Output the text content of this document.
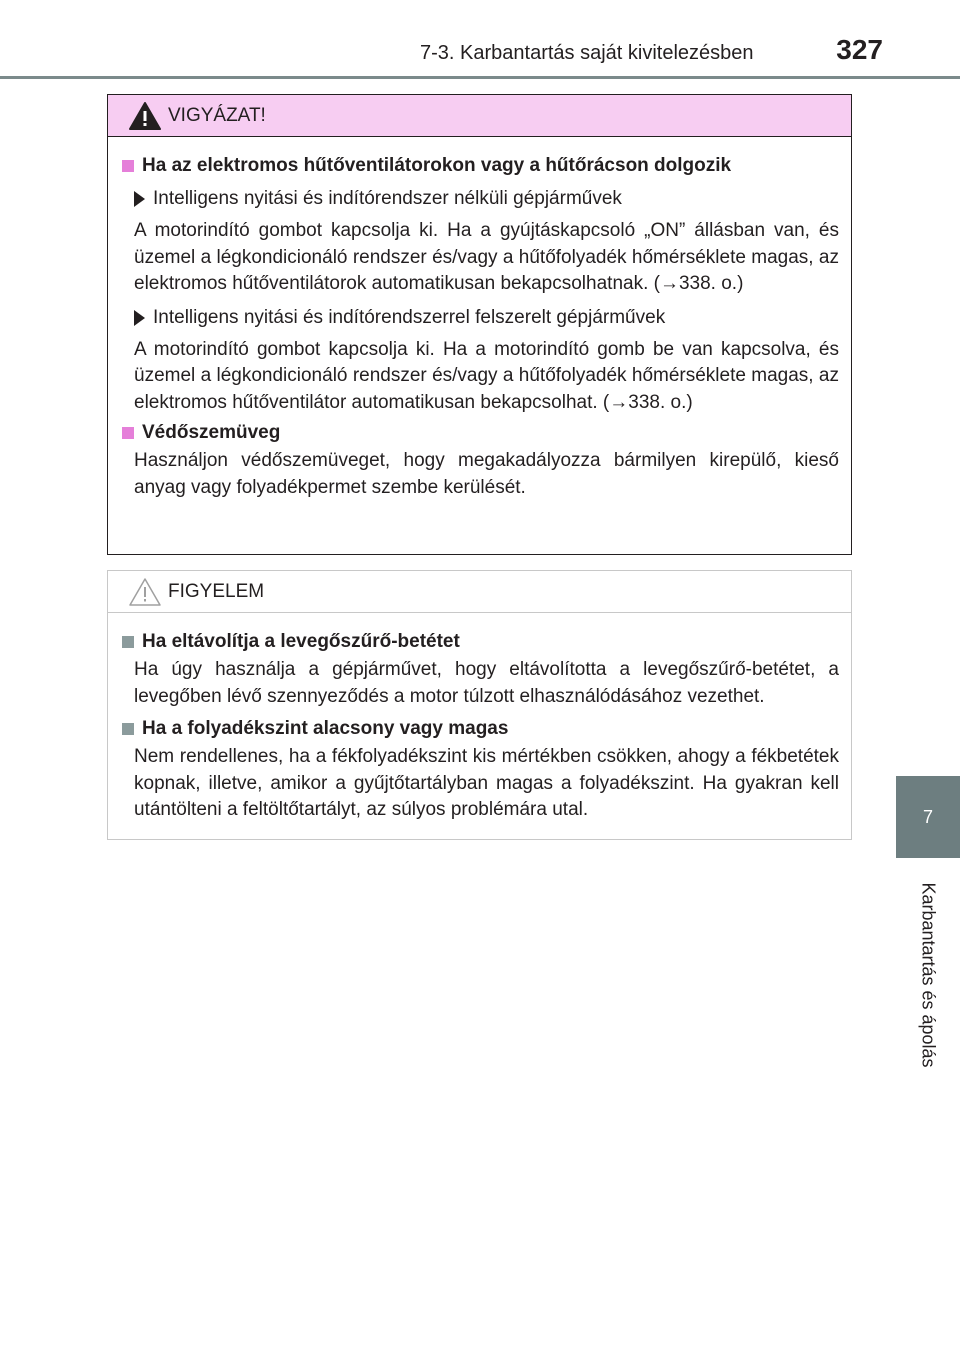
7-3. Karbantartás saját kivitelezésben	327
7
Karbantartás és ápolás
VIGYÁZAT!
Ha az elektromos hűtőventilátorokon vagy a hűtőrácson dolgozik
Intelligens nyitási és indítórendszer nélküli gépjárművek
A motorindító gombot kapcsolja ki. Ha a gyújtáskapcsoló „ON” állásban van, és üzemel a légkondicionáló rendszer és/vagy a hűtőfolyadék hőmérséklete magas, az elektromos hűtőventilátorok automatikusan bekapcsolhatnak. (→338. o.)
Intelligens nyitási és indítórendszerrel felszerelt gépjárművek
A motorindító gombot kapcsolja ki. Ha a motorindító gomb be van kapcsolva, és üzemel a légkondicionáló rendszer és/vagy a hűtőfolyadék hőmérséklete magas, az elektromos hűtőventilátor automatikusan bekapcsolhat. (→338. o.)
Védőszemüveg
Használjon védőszemüveget, hogy megakadályozza bármilyen kirepülő, kieső anyag vagy folyadékpermet szembe kerülését.
FIGYELEM
Ha eltávolítja a levegőszűrő-betétet
Ha úgy használja a gépjárművet, hogy eltávolította a levegőszűrő-betétet, a levegőben lévő szennyeződés a motor túlzott elhasználódásához vezethet.
Ha a folyadékszint alacsony vagy magas
Nem rendellenes, ha a fékfolyadékszint kis mértékben csökken, ahogy a fékbetétek kopnak, illetve, amikor a gyűjtőtartályban magas a folyadékszint. Ha gyakran kell utántölteni a feltöltőtartályt, az súlyos problémára utal.
